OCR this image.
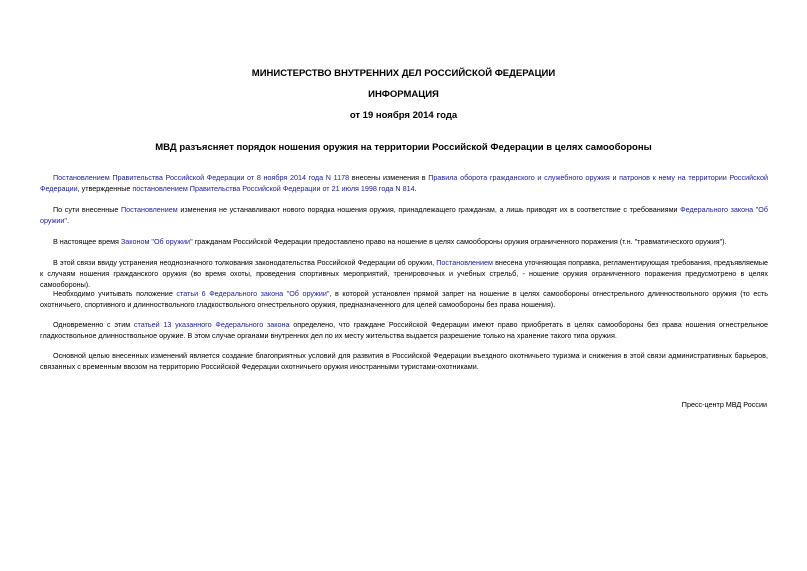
МИНИСТЕРСТВО ВНУТРЕННИХ ДЕЛ РОССИЙСКОЙ ФЕДЕРАЦИИ
ИНФОРМАЦИЯ
от 19 ноября 2014 года
МВД разъясняет порядок ношения оружия на территории Российской Федерации в целях самообороны

Постановлением Правительства Российской Федерации от 8 ноября 2014 года N 1178 внесены изменения в Правила оборота гражданского и служебного оружия и патронов к нему на территории Российской Федерации, утвержденные постановлением Правительства Российской Федерации от 21 июля 1998 года N 814.

По сути внесенные Постановлением изменения не устанавливают нового порядка ношения оружия, принадлежащего гражданам, а лишь приводят их в соответствие с требованиями Федерального закона "Об оружии".

В настоящее время Законом "Об оружии" гражданам Российской Федерации предоставлено право на ношение в целях самообороны оружия ограниченного поражения (т.н. "травматического оружия").

В этой связи ввиду устранения неоднозначного толкования законодательства Российской Федерации об оружии, Постановлением внесена уточняющая поправка, регламентирующая требования, предъявляемые к случаям ношения гражданского оружия (во время охоты, проведения спортивных мероприятий, тренировочных и учебных стрельб, - ношение оружия ограниченного поражения предусмотрено в целях самообороны).

Необходимо учитывать положение статьи 6 Федерального закона "Об оружии", в которой установлен прямой запрет на ношение в целях самообороны огнестрельного длинноствольного оружия (то есть охотничьего, спортивного и длинноствольного гладкоствольного огнестрельного оружия, предназначенного для целей самообороны без права ношения).

Одновременно с этим статьей 13 указанного Федерального закона определено, что граждане Российской Федерации имеют право приобретать в целях самообороны без права ношения огнестрельное гладкоствольное длинноствольное оружие. В этом случае органами внутренних дел по их месту жительства выдается разрешение только на хранение такого типа оружия.

Основной целью внесенных изменений является создание благоприятных условий для развития в Российской Федерации въездного охотничьего туризма и снижения в этой связи административных барьеров, связанных с временным ввозом на территорию Российской Федерации охотничьего оружия иностранными туристами-охотниками.

Пресс-центр МВД России
